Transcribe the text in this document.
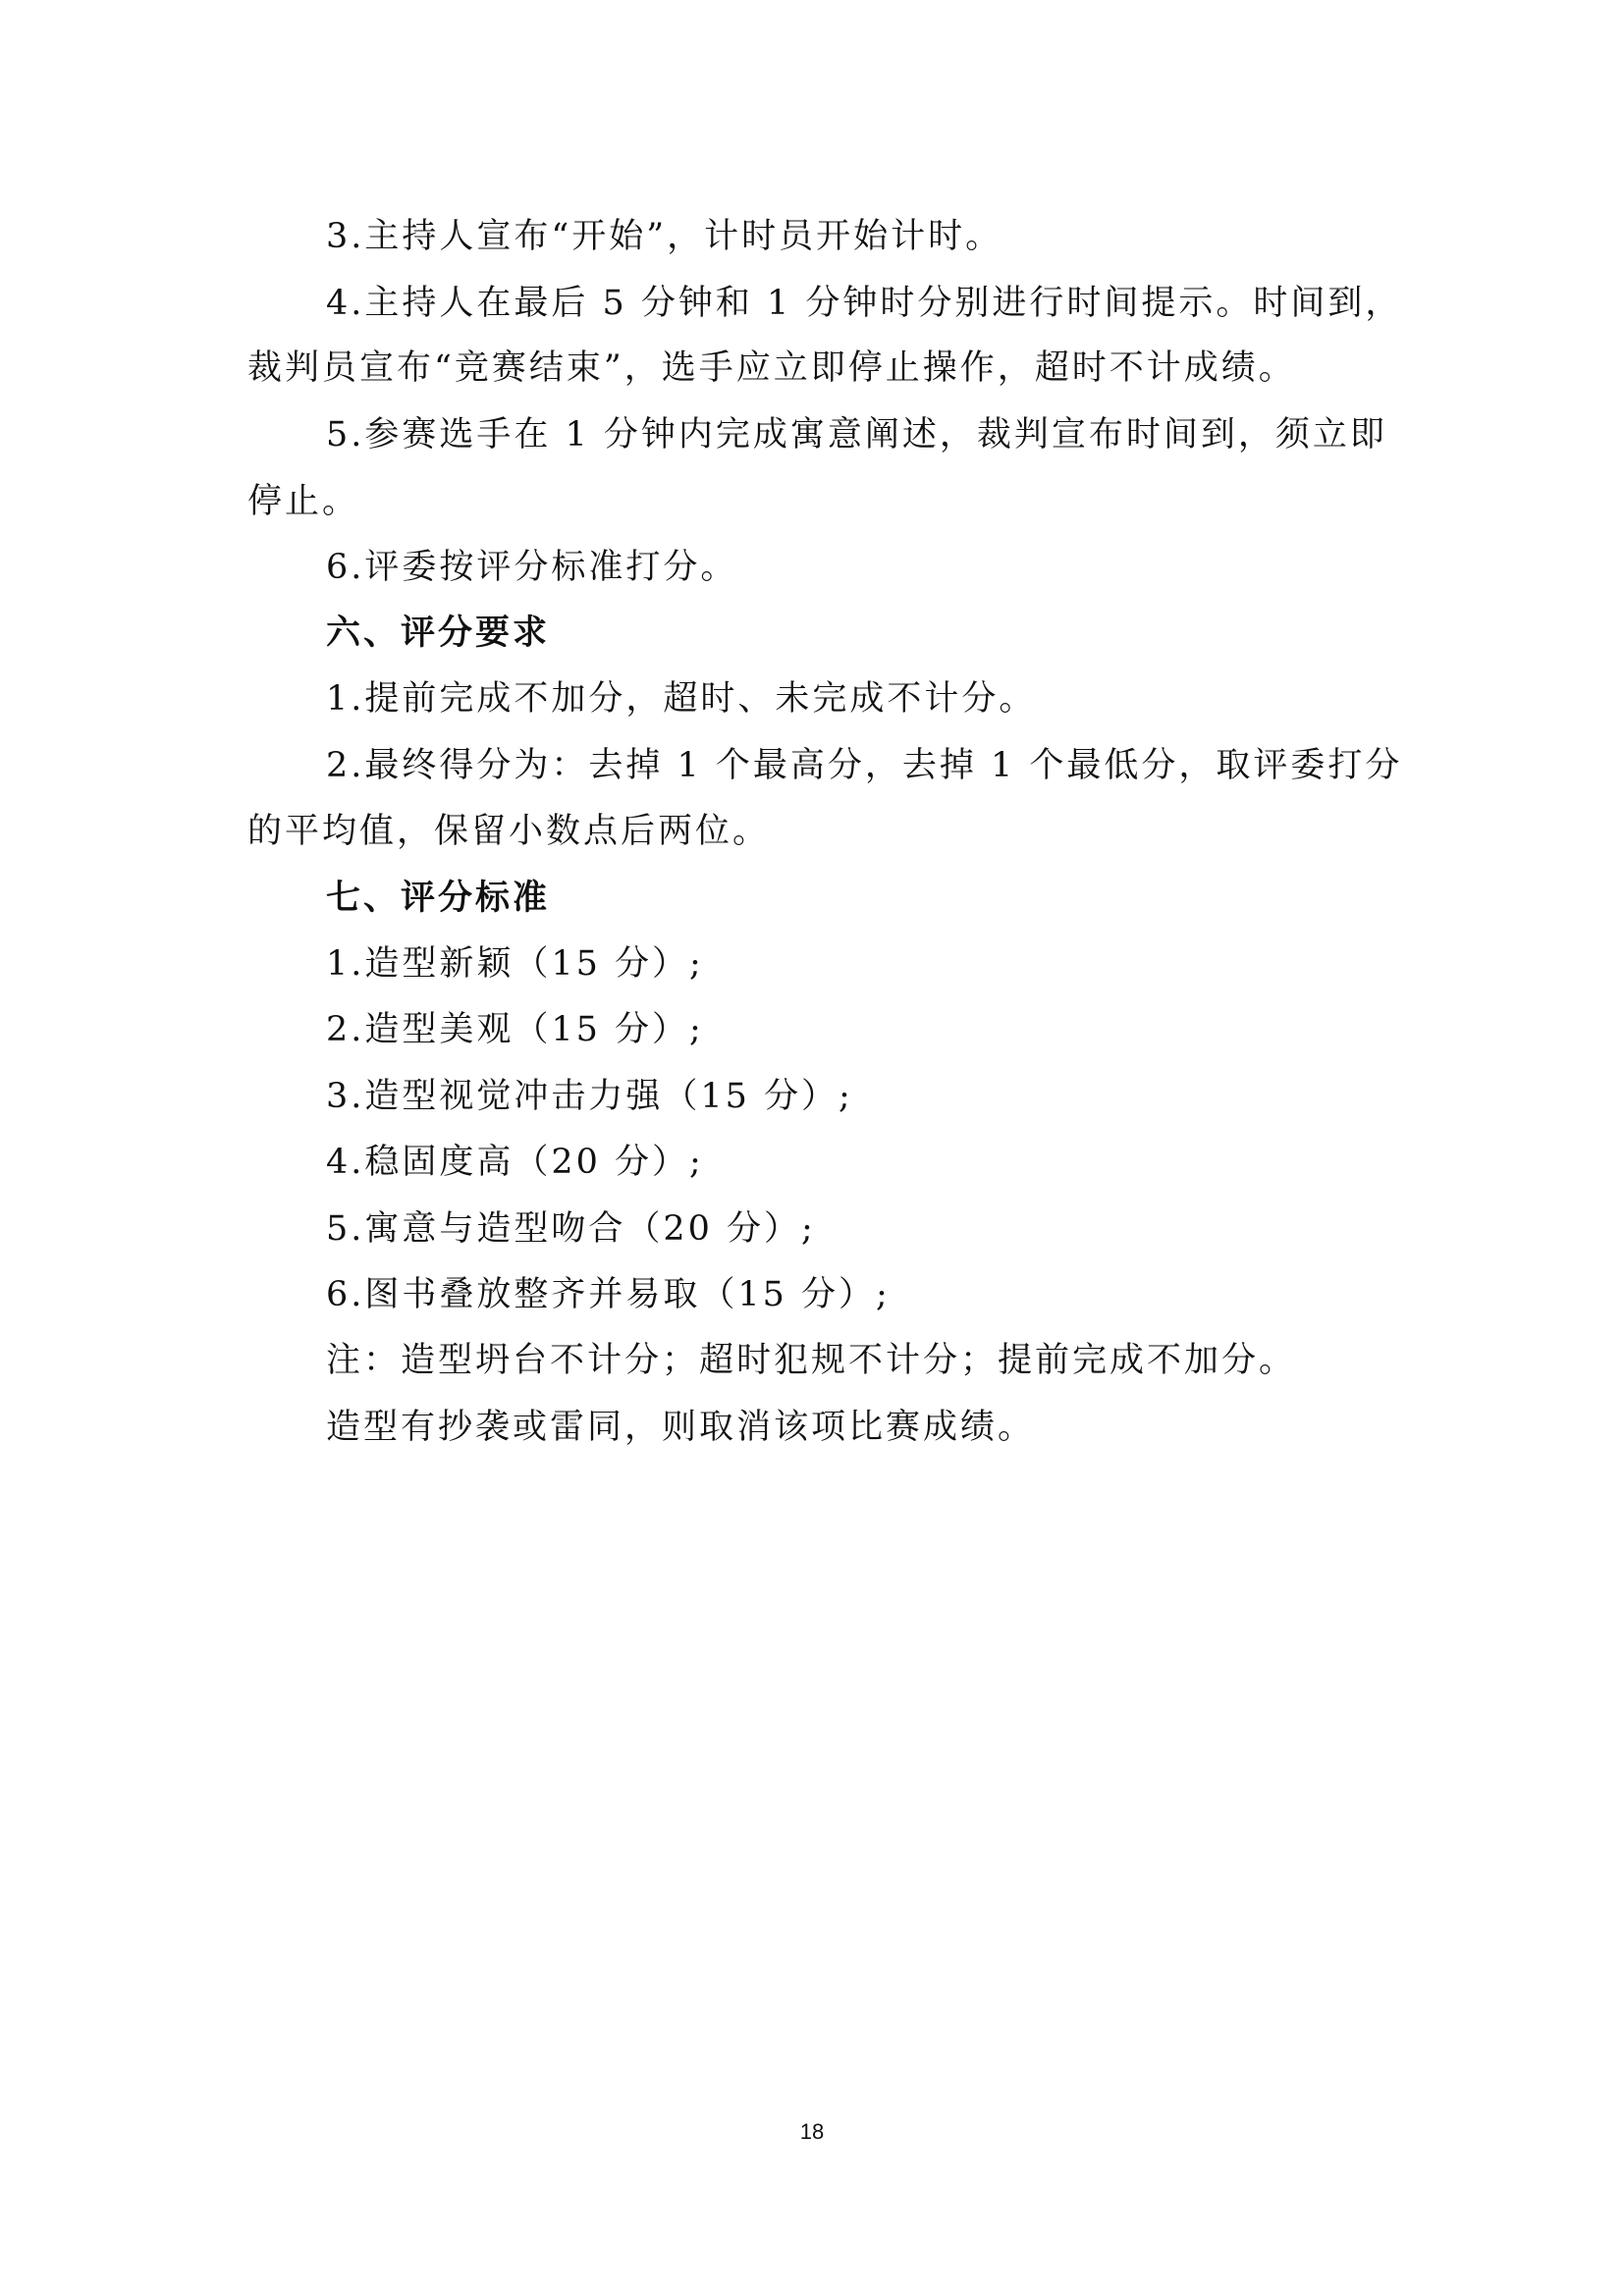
3.主持人宣布“开始”，计时员开始计时。
4.主持人在最后 5 分钟和 1 分钟时分别进行时间提示。时间到，
裁判员宣布“竞赛结束”，选手应立即停止操作，超时不计成绩。
5.参赛选手在 1 分钟内完成寓意阐述，裁判宣布时间到，须立即
停止。
6.评委按评分标准打分。
六、评分要求
1.提前完成不加分，超时、未完成不计分。
2.最终得分为：去掉 1 个最高分，去掉 1 个最低分，取评委打分
的平均值，保留小数点后两位。
七、评分标准
1.造型新颖（15 分）;
2.造型美观（15 分）;
3.造型视觉冲击力强（15 分）;
4.稳固度高（20 分）;
5.寓意与造型吻合（20 分）;
6.图书叠放整齐并易取（15 分）;
注：造型坍台不计分；超时犯规不计分；提前完成不加分。
造型有抄袭或雷同，则取消该项比赛成绩。
18
